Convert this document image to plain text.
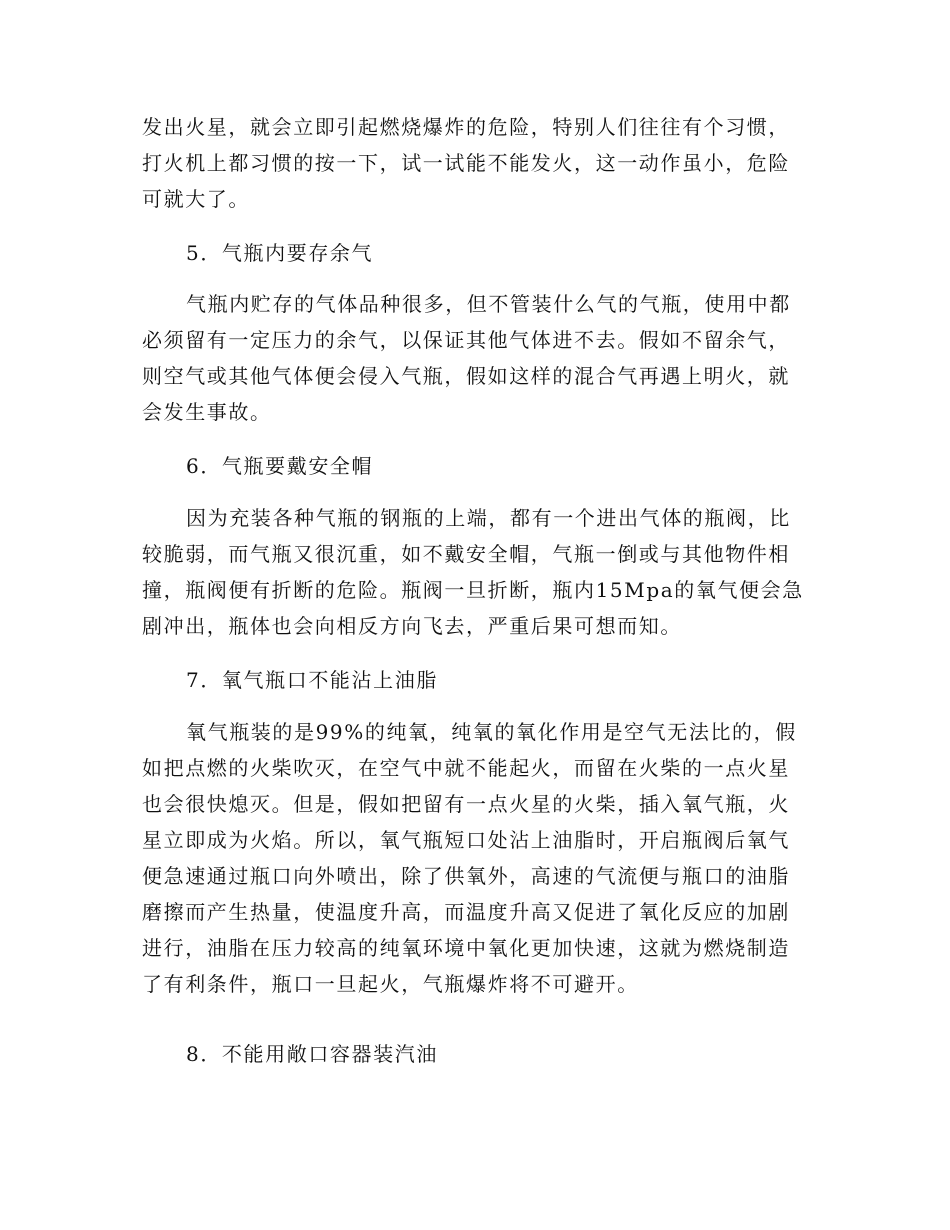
发出火星，就会立即引起燃烧爆炸的危险，特别人们往往有个习惯，
打火机上都习惯的按一下，试一试能不能发火，这一动作虽小，危险
可就大了。
5．气瓶内要存余气
气瓶内贮存的气体品种很多，但不管装什么气的气瓶，使用中都
必须留有一定压力的余气，以保证其他气体进不去。假如不留余气，
则空气或其他气体便会侵入气瓶，假如这样的混合气再遇上明火，就
会发生事故。
6．气瓶要戴安全帽
因为充装各种气瓶的钢瓶的上端，都有一个进出气体的瓶阀，比
较脆弱，而气瓶又很沉重，如不戴安全帽，气瓶一倒或与其他物件相
撞，瓶阀便有折断的危险。瓶阀一旦折断，瓶内15Mpa的氧气便会急
剧冲出，瓶体也会向相反方向飞去，严重后果可想而知。
7．氧气瓶口不能沾上油脂
氧气瓶装的是99%的纯氧，纯氧的氧化作用是空气无法比的，假
如把点燃的火柴吹灭，在空气中就不能起火，而留在火柴的一点火星
也会很快熄灭。但是，假如把留有一点火星的火柴，插入氧气瓶，火
星立即成为火焰。所以，氧气瓶短口处沾上油脂时，开启瓶阀后氧气
便急速通过瓶口向外喷出，除了供氧外，高速的气流便与瓶口的油脂
磨擦而产生热量，使温度升高，而温度升高又促进了氧化反应的加剧
进行，油脂在压力较高的纯氧环境中氧化更加快速，这就为燃烧制造
了有利条件，瓶口一旦起火，气瓶爆炸将不可避开。
8．不能用敞口容器装汽油
